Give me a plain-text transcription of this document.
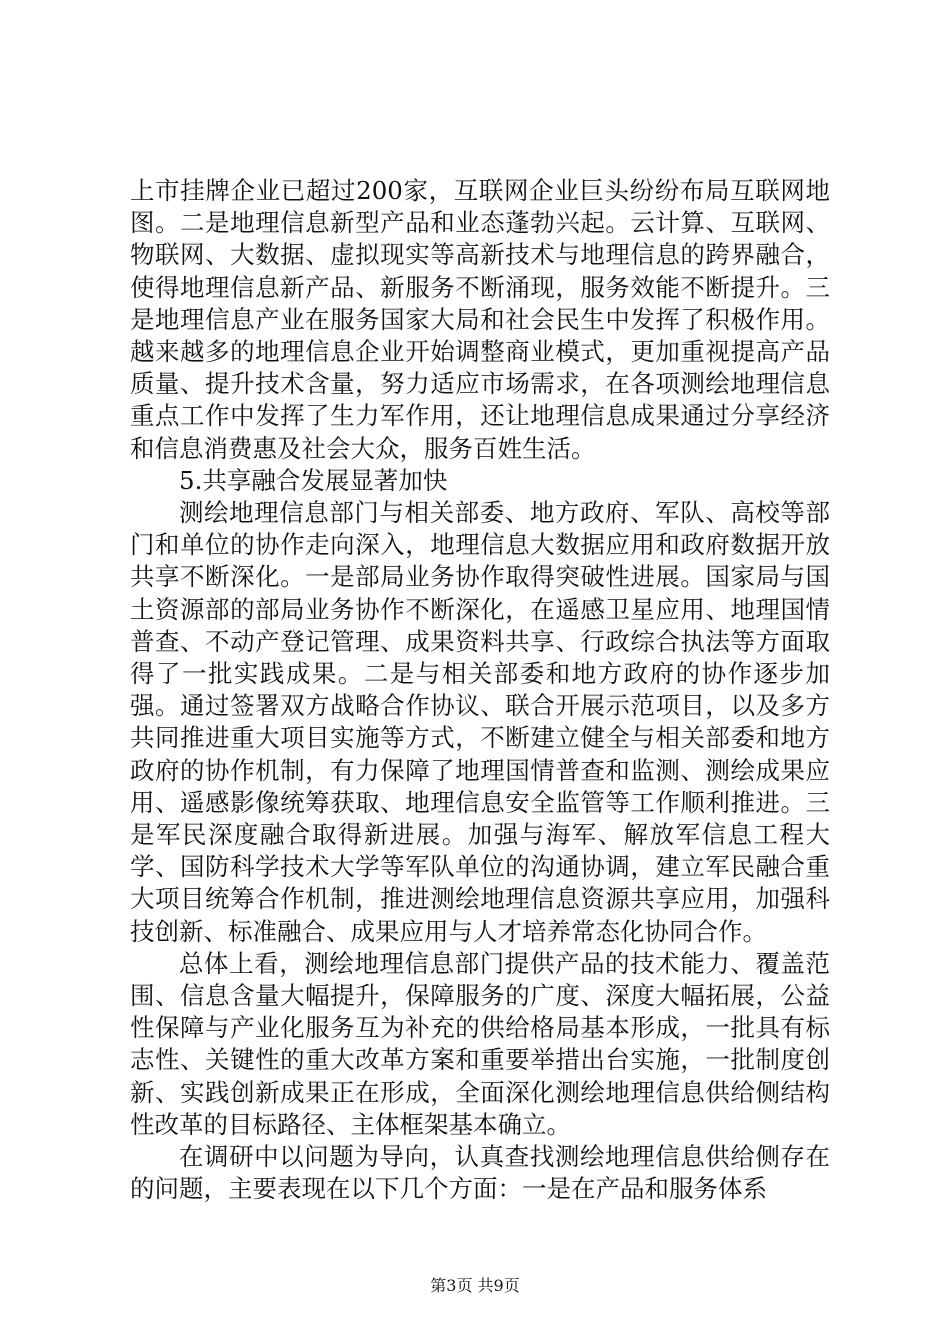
上市挂牌企业已超过200家，互联网企业巨头纷纷布局互联网地图。二是地理信息新型产品和业态蓬勃兴起。云计算、互联网、物联网、大数据、虚拟现实等高新技术与地理信息的跨界融合，使得地理信息新产品、新服务不断涌现，服务效能不断提升。三是地理信息产业在服务国家大局和社会民生中发挥了积极作用。越来越多的地理信息企业开始调整商业模式，更加重视提高产品质量、提升技术含量，努力适应市场需求，在各项测绘地理信息重点工作中发挥了生力军作用，还让地理信息成果通过分享经济和信息消费惠及社会大众，服务百姓生活。

5.共享融合发展显著加快

测绘地理信息部门与相关部委、地方政府、军队、高校等部门和单位的协作走向深入，地理信息大数据应用和政府数据开放共享不断深化。一是部局业务协作取得突破性进展。国家局与国土资源部的部局业务协作不断深化，在遥感卫星应用、地理国情普查、不动产登记管理、成果资料共享、行政综合执法等方面取得了一批实践成果。二是与相关部委和地方政府的协作逐步加强。通过签署双方战略合作协议、联合开展示范项目，以及多方共同推进重大项目实施等方式，不断建立健全与相关部委和地方政府的协作机制，有力保障了地理国情普查和监测、测绘成果应用、遥感影像统筹获取、地理信息安全监管等工作顺利推进。三是军民深度融合取得新进展。加强与海军、解放军信息工程大学、国防科学技术大学等军队单位的沟通协调，建立军民融合重大项目统筹合作机制，推进测绘地理信息资源共享应用，加强科技创新、标准融合、成果应用与人才培养常态化协同合作。

总体上看，测绘地理信息部门提供产品的技术能力、覆盖范围、信息含量大幅提升，保障服务的广度、深度大幅拓展，公益性保障与产业化服务互为补充的供给格局基本形成，一批具有标志性、关键性的重大改革方案和重要举措出台实施，一批制度创新、实践创新成果正在形成，全面深化测绘地理信息供给侧结构性改革的目标路径、主体框架基本确立。

在调研中以问题为导向，认真查找测绘地理信息供给侧存在的问题，主要表现在以下几个方面：一是在产品和服务体系

第3页 共9页
